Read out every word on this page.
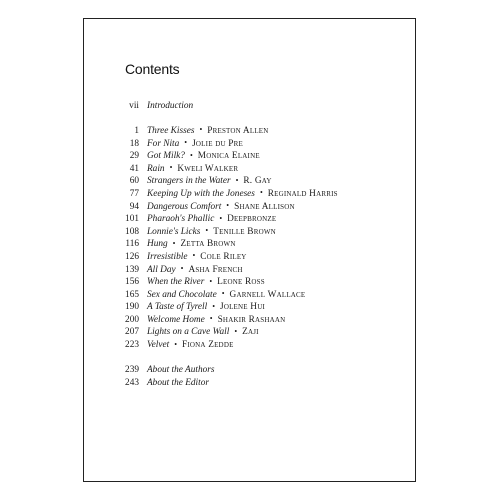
Contents
vii Introduction
1 Three Kisses • Preston Allen
18 For Nita • Jolie du Pre
29 Got Milk? • Monica Elaine
41 Rain • Kweli Walker
60 Strangers in the Water • R. Gay
77 Keeping Up with the Joneses • Reginald Harris
94 Dangerous Comfort • Shane Allison
101 Pharaoh's Phallic • Deepbronze
108 Lonnie's Licks • Tenille Brown
116 Hung • Zetta Brown
126 Irresistible • Cole Riley
139 All Day • Asha French
156 When the River • Leone Ross
165 Sex and Chocolate • Garnell Wallace
190 A Taste of Tyrell • Jolene Hui
200 Welcome Home • Shakir Rashaan
207 Lights on a Cave Wall • Zaji
223 Velvet • Fiona Zedde
239 About the Authors
243 About the Editor
